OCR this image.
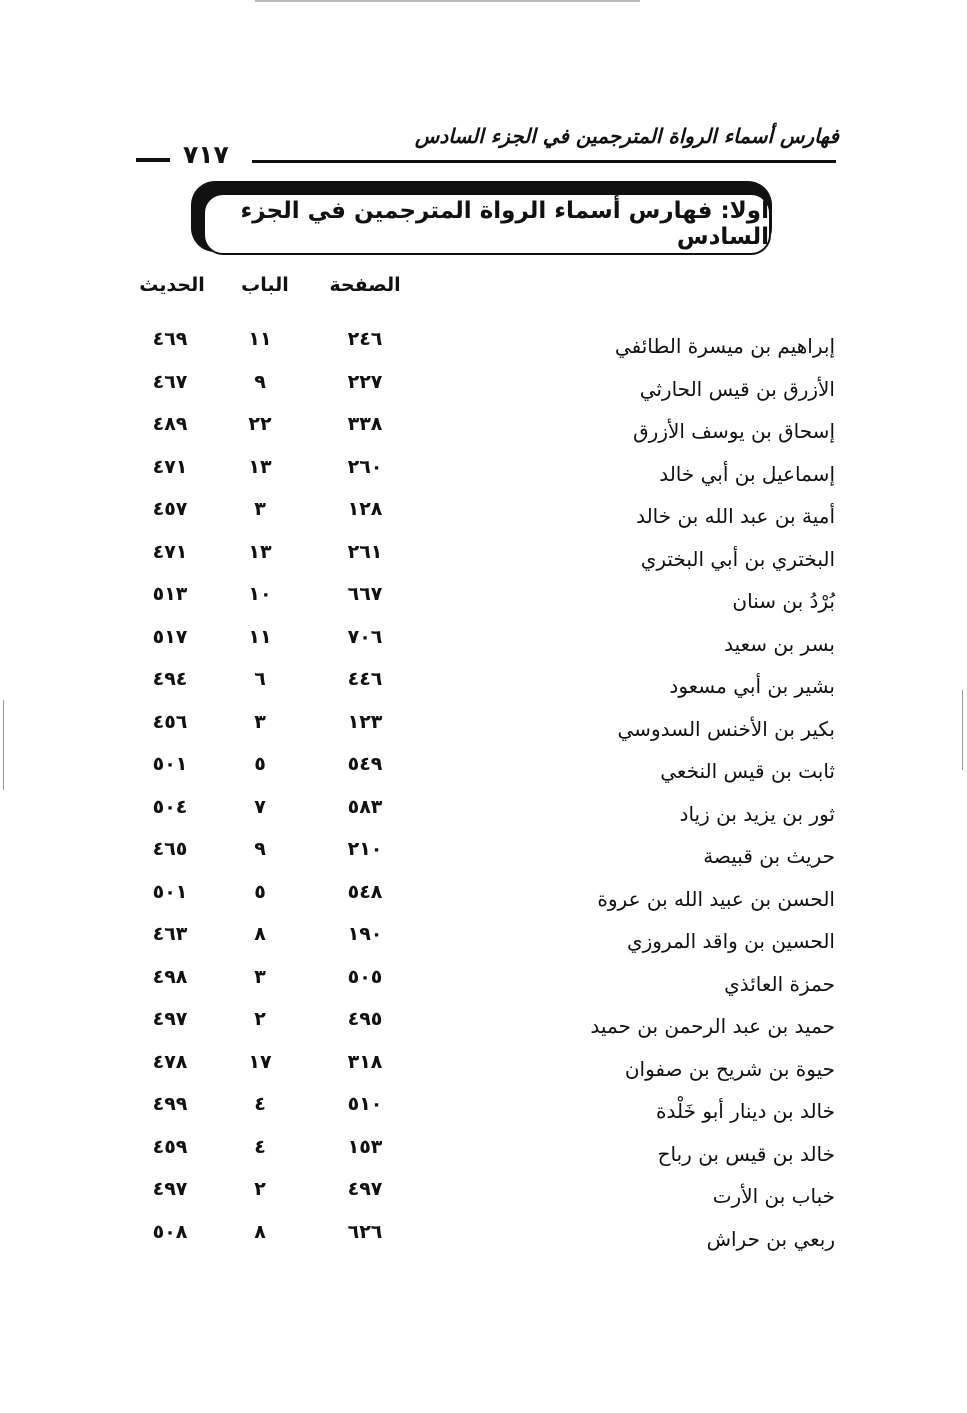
فهارس أسماء الرواة المترجمين في الجزء السادس
٧١٧
أولا: فهارس أسماء الرواة المترجمين في الجزء السادس
الصفحة
الباب
الحديث
إبراهيم بن ميسرة الطائفي
٢٤٦
١١
٤٦٩
الأزرق بن قيس الحارثي
٢٢٧
٩
٤٦٧
إسحاق بن يوسف الأزرق
٣٣٨
٢٢
٤٨٩
إسماعيل بن أبي خالد
٢٦٠
١٣
٤٧١
أمية بن عبد الله بن خالد
١٢٨
٣
٤٥٧
البختري بن أبي البختري
٢٦١
١٣
٤٧١
بُرْدُ بن سنان
٦٦٧
١٠
٥١٣
بسر بن سعيد
٧٠٦
١١
٥١٧
بشير بن أبي مسعود
٤٤٦
٦
٤٩٤
بكير بن الأخنس السدوسي
١٢٣
٣
٤٥٦
ثابت بن قيس النخعي
٥٤٩
٥
٥٠١
ثور بن يزيد بن زياد
٥٨٣
٧
٥٠٤
حريث بن قبيصة
٢١٠
٩
٤٦٥
الحسن بن عبيد الله بن عروة
٥٤٨
٥
٥٠١
الحسين بن واقد المروزي
١٩٠
٨
٤٦٣
حمزة العائذي
٥٠٥
٣
٤٩٨
حميد بن عبد الرحمن بن حميد
٤٩٥
٢
٤٩٧
حيوة بن شريح بن صفوان
٣١٨
١٧
٤٧٨
خالد بن دينار أبو خَلْدة
٥١٠
٤
٤٩٩
خالد بن قيس بن رباح
١٥٣
٤
٤٥٩
خباب بن الأرت
٤٩٧
٢
٤٩٧
ربعي بن حراش
٦٢٦
٨
٥٠٨
